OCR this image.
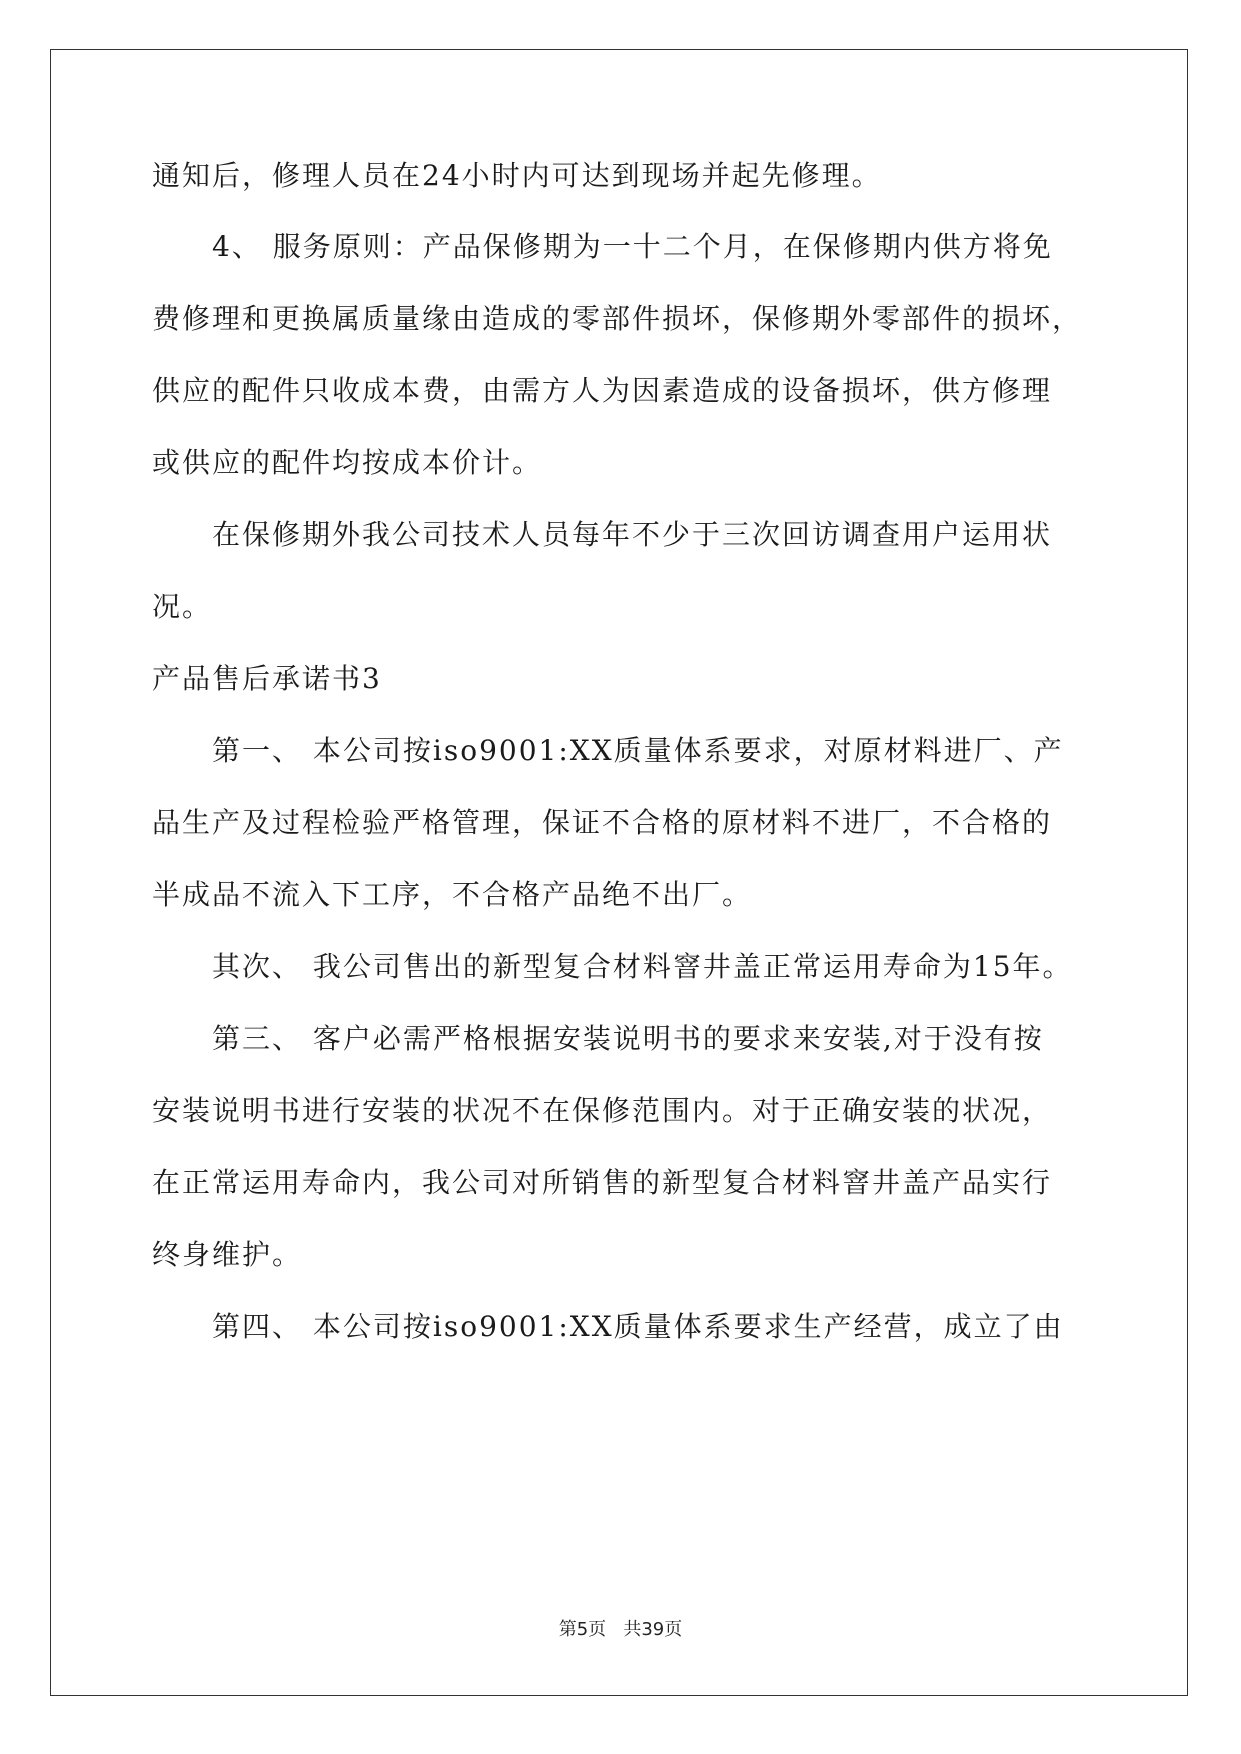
通知后，修理人员在24小时内可达到现场并起先修理。
4、 服务原则：产品保修期为一十二个月，在保修期内供方将免
费修理和更换属质量缘由造成的零部件损坏，保修期外零部件的损坏，
供应的配件只收成本费，由需方人为因素造成的设备损坏，供方修理
或供应的配件均按成本价计。
在保修期外我公司技术人员每年不少于三次回访调查用户运用状
况。
产品售后承诺书3
第一、 本公司按iso9001:XX质量体系要求，对原材料进厂、产
品生产及过程检验严格管理，保证不合格的原材料不进厂，不合格的
半成品不流入下工序，不合格产品绝不出厂。
其次、 我公司售出的新型复合材料窨井盖正常运用寿命为15年。
第三、 客户必需严格根据安装说明书的要求来安装,对于没有按
安装说明书进行安装的状况不在保修范围内。对于正确安装的状况，
在正常运用寿命内，我公司对所销售的新型复合材料窨井盖产品实行
终身维护。
第四、 本公司按iso9001:XX质量体系要求生产经营，成立了由
第5页 共39页
